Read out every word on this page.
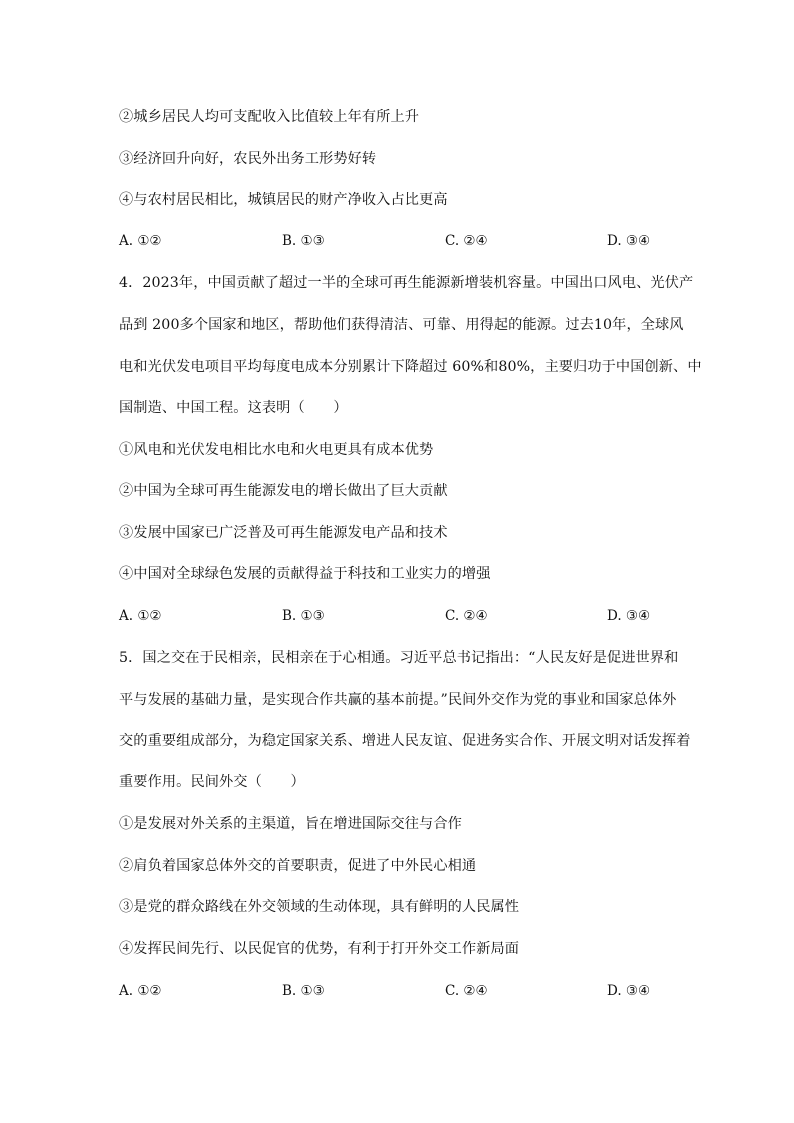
②城乡居民人均可支配收入比值较上年有所上升
③经济回升向好，农民外出务工形势好转
④与农村居民相比，城镇居民的财产净收入占比更高
A. ①②	B. ①③	C. ②④	D. ③④
4．2023年，中国贡献了超过一半的全球可再生能源新增装机容量。中国出口风电、光伏产
品到 200多个国家和地区，帮助他们获得清洁、可靠、用得起的能源。过去10年，全球风
电和光伏发电项目平均每度电成本分别累计下降超过 60%和80%，主要归功于中国创新、中
国制造、中国工程。这表明（　　）
①风电和光伏发电相比水电和火电更具有成本优势
②中国为全球可再生能源发电的增长做出了巨大贡献
③发展中国家已广泛普及可再生能源发电产品和技术
④中国对全球绿色发展的贡献得益于科技和工业实力的增强
A. ①②	B. ①③	C. ②④	D. ③④
5．国之交在于民相亲，民相亲在于心相通。习近平总书记指出：“人民友好是促进世界和
平与发展的基础力量，是实现合作共赢的基本前提。”民间外交作为党的事业和国家总体外
交的重要组成部分，为稳定国家关系、增进人民友谊、促进务实合作、开展文明对话发挥着
重要作用。民间外交（　　）
①是发展对外关系的主渠道，旨在增进国际交往与合作
②肩负着国家总体外交的首要职责，促进了中外民心相通
③是党的群众路线在外交领域的生动体现，具有鲜明的人民属性
④发挥民间先行、以民促官的优势，有利于打开外交工作新局面
A. ①②	B. ①③	C. ②④	D. ③④
